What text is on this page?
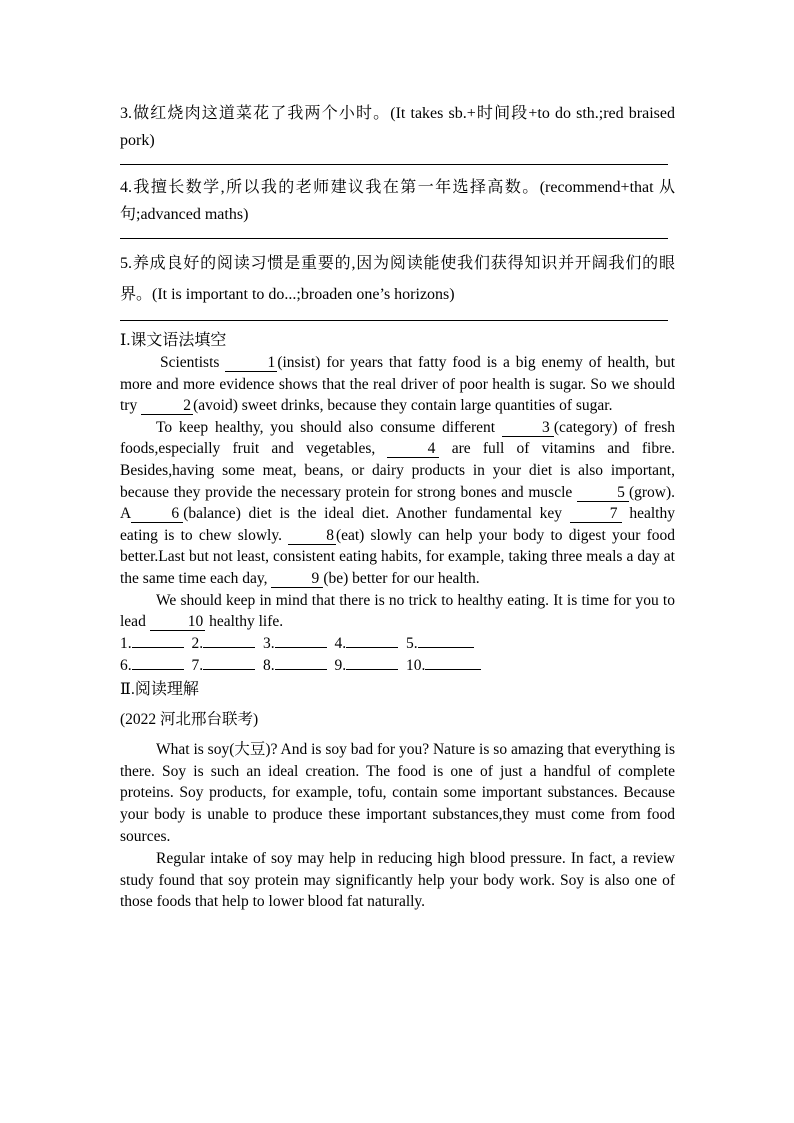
3.做红烧肉这道菜花了我两个小时。(It takes sb.+时间段+to do sth.;red braised pork)
4.我擅长数学,所以我的老师建议我在第一年选择高数。(recommend+that 从句;advanced maths)
5.养成良好的阅读习惯是重要的,因为阅读能使我们获得知识并开阔我们的眼界。(It is important to do...;broaden one’s horizons)
Ⅰ.课文语法填空

Scientists	1 (insist) for years that fatty food is a big enemy of health, but more and more evidence shows that the real driver of poor health is sugar. So we should try	2 (avoid) sweet drinks, because they contain large quantities of sugar.

To keep healthy, you should also consume different	3 (category) of fresh foods,especially fruit and vegetables,	4 are full of vitamins and fibre. Besides,having some meat, beans, or dairy products in your diet is also important, because they provide the necessary protein for strong bones and muscle	5 (grow). A	6 (balance) diet is the ideal diet. Another fundamental key	7 healthy eating is to chew slowly. 8 (eat) slowly can help your body to digest your food better.Last but not least, consistent eating habits, for example, taking three meals a day at the same time each day,	9 (be) better for our health.

We should keep in mind that there is no trick to healthy eating. It is time for you to lead 10 healthy life.

1.	2.	3.	4.	5.
6.	7.	8.	9.	10.
Ⅱ.阅读理解
(2022 河北邢台联考)

What is soy(大豆)? And is soy bad for you? Nature is so amazing that everything is there. Soy is such an ideal creation. The food is one of just a handful of complete proteins. Soy products, for example, tofu, contain some important substances. Because your body is unable to produce these important substances,they must come from food sources.

Regular intake of soy may help in reducing high blood pressure. In fact, a review study found that soy protein may significantly help your body work. Soy is also one of those foods that help to lower blood fat naturally.
